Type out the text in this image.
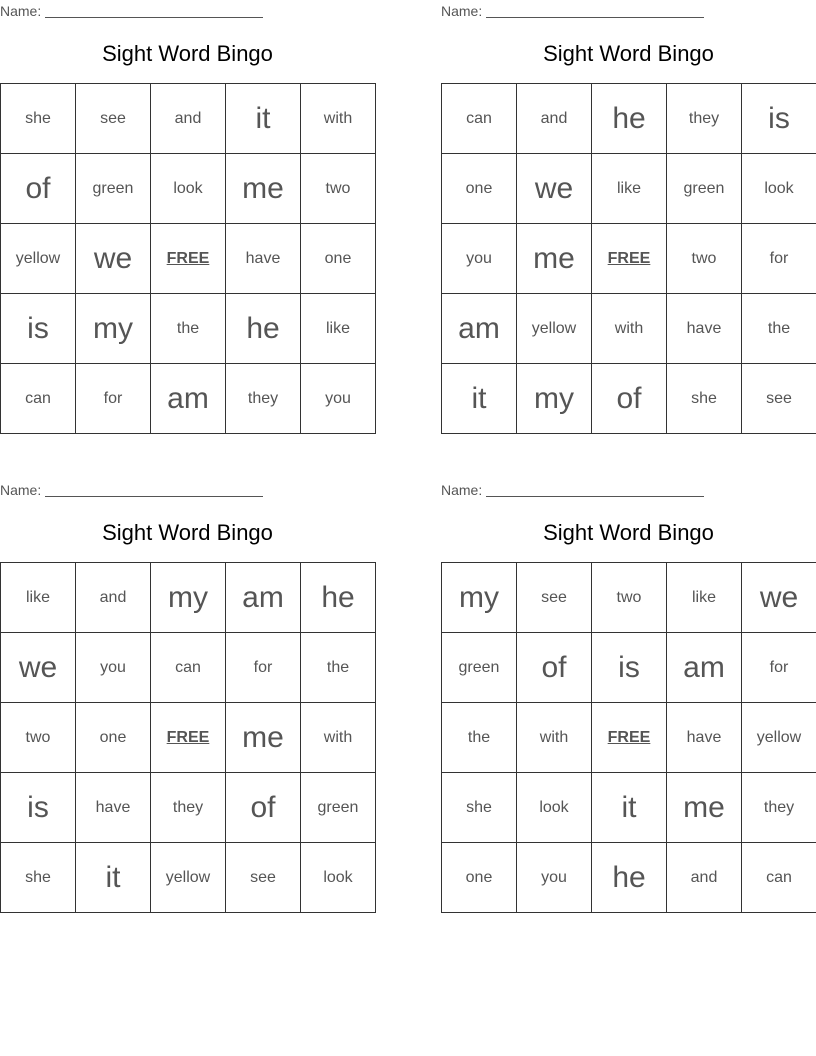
Name:
Sight Word Bingo
she	see	and	it	with
of	green	look	me	two
yellow	we	FREE	have	one
is	my	the	he	like
can	for	am	they	you
Name:
Sight Word Bingo
can	and	he	they	is
one	we	like	green	look
you	me	FREE	two	for
am	yellow	with	have	the
it	my	of	she	see
Name:
Sight Word Bingo
like	and	my	am	he
we	you	can	for	the
two	one	FREE	me	with
is	have	they	of	green
she	it	yellow	see	look
Name:
Sight Word Bingo
my	see	two	like	we
green	of	is	am	for
the	with	FREE	have	yellow
she	look	it	me	they
one	you	he	and	can
